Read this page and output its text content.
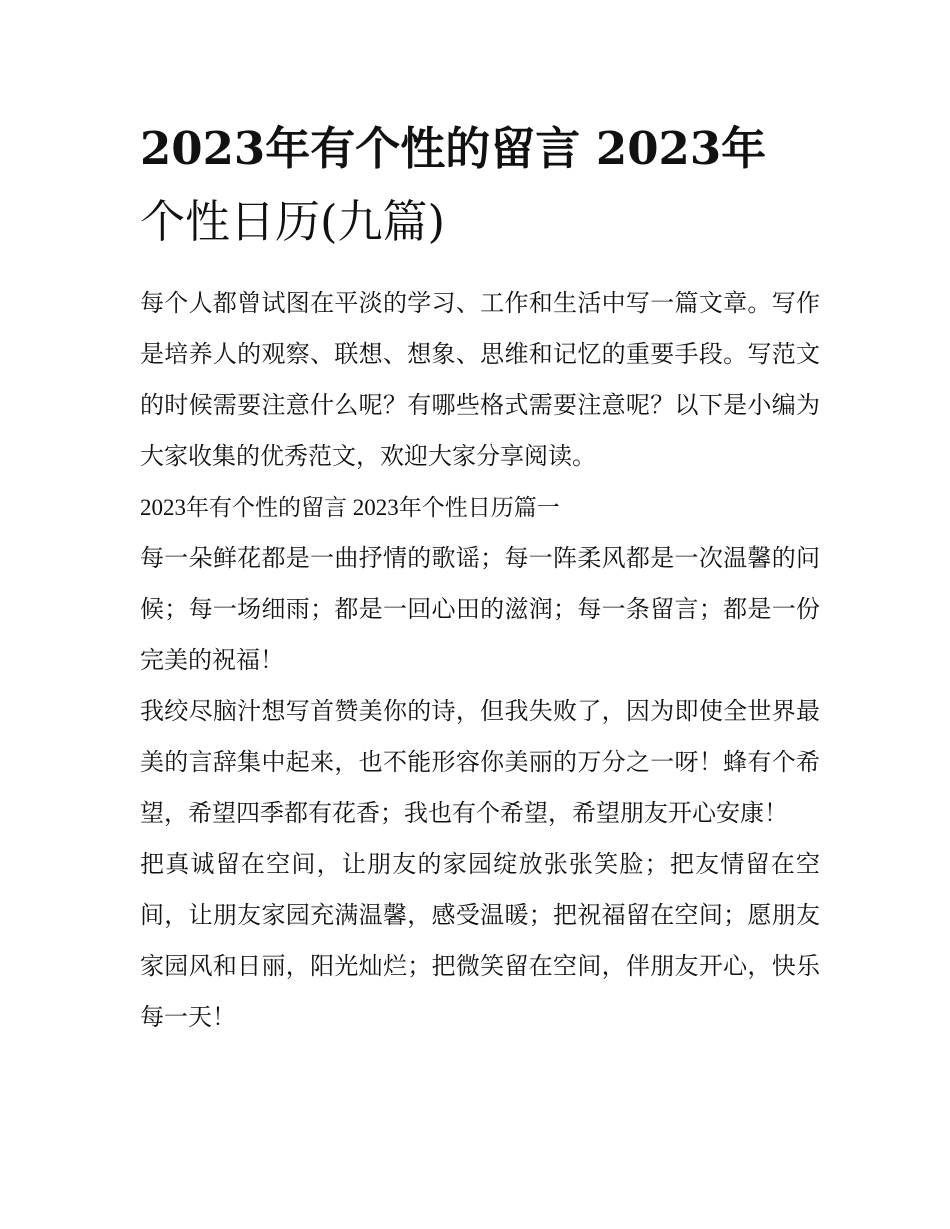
2023年有个性的留言 2023年
个性日历(九篇)

每个人都曾试图在平淡的学习、工作和生活中写一篇文章。写作是培养人的观察、联想、想象、思维和记忆的重要手段。写范文的时候需要注意什么呢？有哪些格式需要注意呢？以下是小编为大家收集的优秀范文，欢迎大家分享阅读。

2023年有个性的留言 2023年个性日历篇一

每一朵鲜花都是一曲抒情的歌谣；每一阵柔风都是一次温馨的问候；每一场细雨；都是一回心田的滋润；每一条留言；都是一份完美的祝福！

我绞尽脑汁想写首赞美你的诗，但我失败了，因为即使全世界最美的言辞集中起来，也不能形容你美丽的万分之一呀！蜂有个希望，希望四季都有花香；我也有个希望，希望朋友开心安康！

把真诚留在空间，让朋友的家园绽放张张笑脸；把友情留在空间，让朋友家园充满温馨，感受温暖；把祝福留在空间；愿朋友家园风和日丽，阳光灿烂；把微笑留在空间，伴朋友开心，快乐每一天！
